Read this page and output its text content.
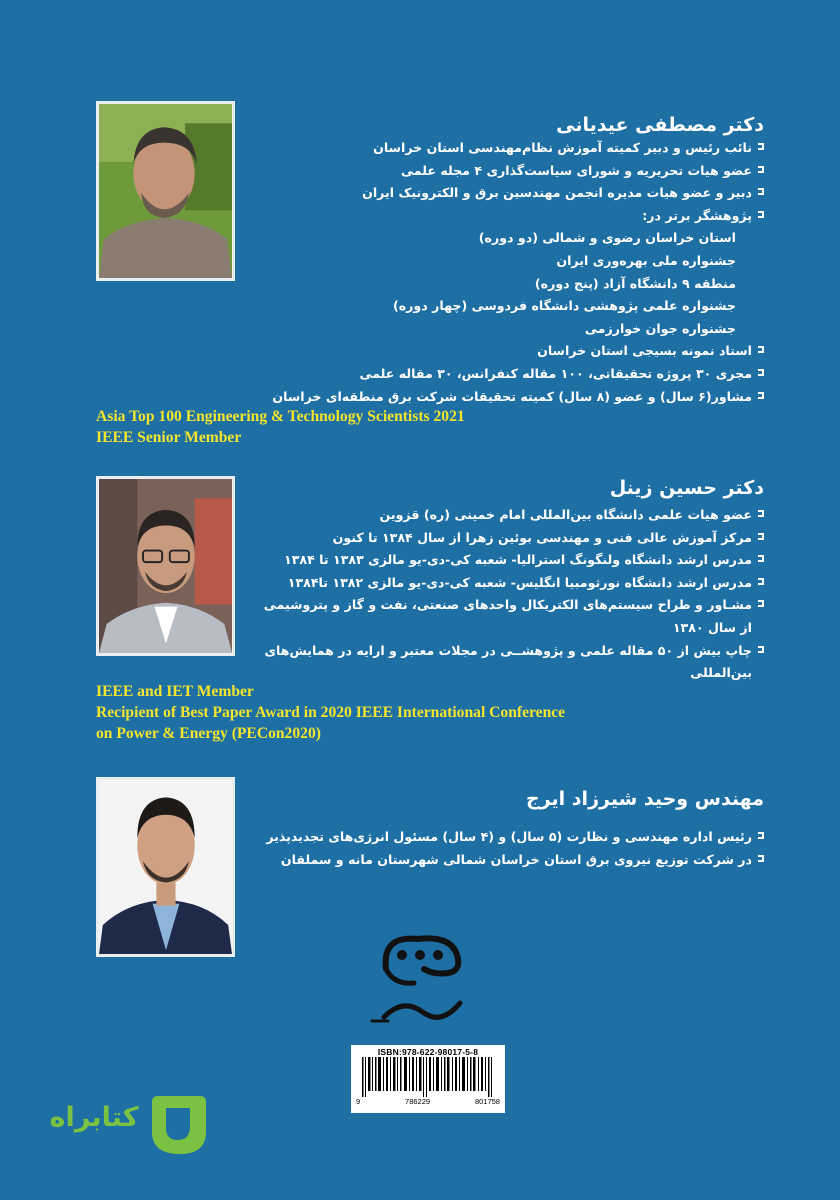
دکتر مصطفی عیدیانی
نائب رئیس و دبیر کمیته آموزش نظام‌مهندسی استان خراسان
عضو هیات تحریریه و شورای سیاست‌گذاری ۴ مجله علمی
دبیر و عضو هیات مدیره انجمن مهندسین برق و الکترونیک ایران
پژوهشگر برتر در:
استان خراسان رضوی و شمالی (دو دوره)
جشنواره ملی بهره‌وری ایران
منطقه ۹ دانشگاه آزاد (پنج دوره)
جشنواره علمی پژوهشی دانشگاه فردوسی (چهار دوره)
جشنواره جوان خوارزمی
استاد نمونه بسیجی استان خراسان
مجری ۳۰ پروژه تحقیقاتی، ۱۰۰ مقاله کنفرانس، ۳۰ مقاله علمی
مشاور(۶ سال) و عضو (۸ سال) کمیته تحقیقات شرکت برق منطقه‌ای خراسان
Asia Top 100 Engineering & Technology Scientists 2021
IEEE Senior Member
دکتر حسین زینل
عضو هیات علمی دانشگاه بین‌المللی امام خمینی (ره) قزوین
مرکز آموزش عالی فنی و مهندسی بوئین زهرا از سال ۱۳۸۴ تا کنون
مدرس ارشد دانشگاه ولنگونگ استرالیا- شعبه کی-دی-یو مالزی ۱۳۸۳ تا ۱۳۸۴
مدرس ارشد دانشگاه نورثومبیا انگلیس- شعبه کی-دی-یو مالزی ۱۳۸۲ تا۱۳۸۴
مشـاور و طراح سیستم‌های الکتریکال واحدهای صنعتی، نفت و گاز و پتروشیمی
از سال ۱۳۸۰
چاپ بیش از ۵۰ مقاله علمی و پژوهشــی در مجلات معتبر و ارایه در همایش‌های
بین‌المللی
IEEE and IET Member
Recipient of Best Paper Award in 2020 IEEE International Conference
on Power & Energy (PECon2020)
مهندس وحید شیرزاد ایرج
رئیس اداره مهندسی و نظارت (۵ سال) و (۴ سال) مسئول انرژی‌های تجدیدپذیر
در شرکت توزیع نیروی برق استان خراسان شمالی شهرستان مانه و سملقان
ISBN:978-622-98017-5-8
9	786229	801758
کتابراه
